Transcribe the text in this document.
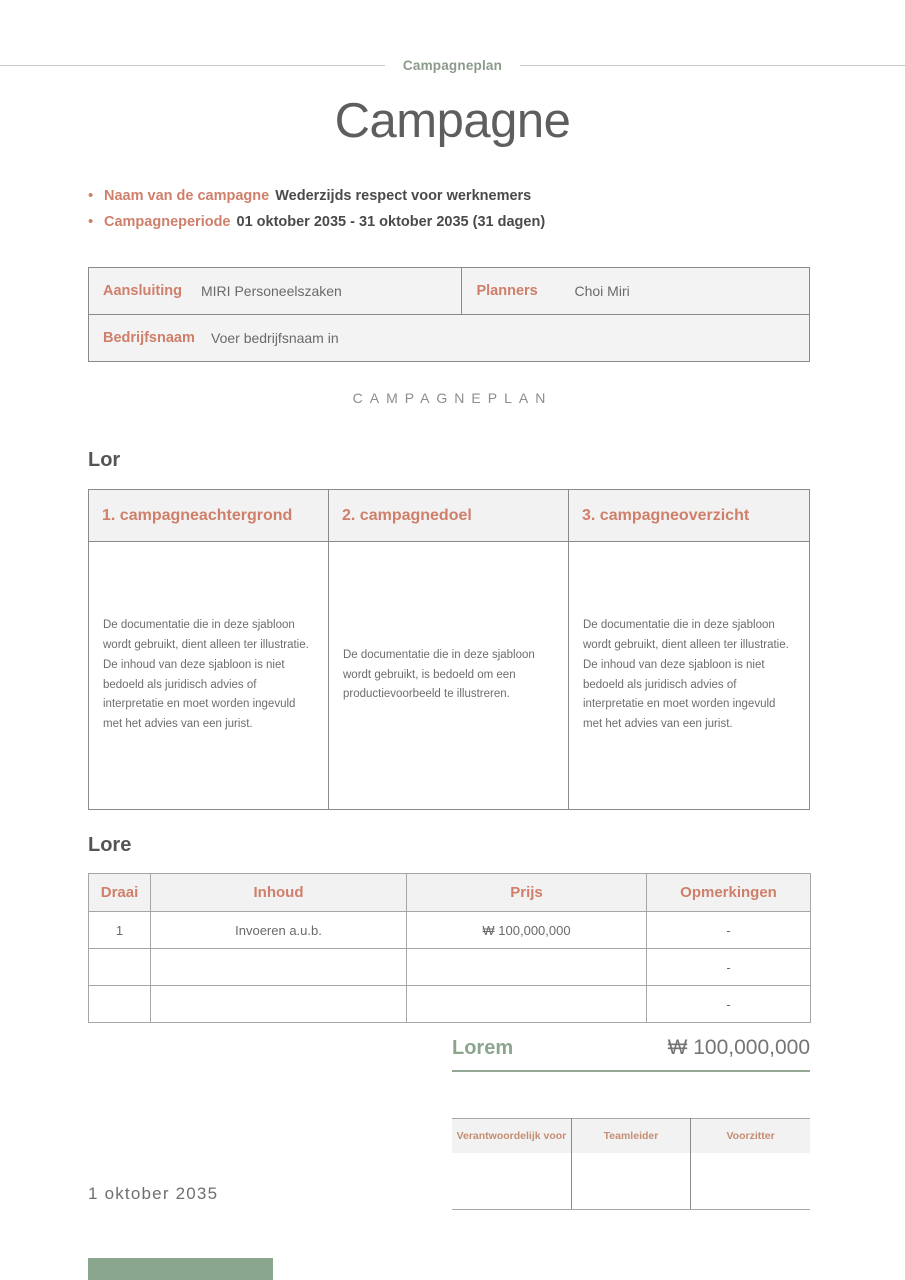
Campagneplan
Campagne
• Naam van de campagne Wederzijds respect voor werknemers
• Campagneperiode 01 oktober 2035 - 31 oktober 2035 (31 dagen)
Aansluiting	MIRI Personeelszaken	Planners	Choi Miri
Bedrijfsnaam	Voer bedrijfsnaam in
CAMPAGNEPLAN
Lor
1. campagneachtergrond
De documentatie die in deze sjabloon wordt gebruikt, dient alleen ter illustratie. De inhoud van deze sjabloon is niet bedoeld als juridisch advies of interpretatie en moet worden ingevuld met het advies van een jurist.
2. campagnedoel
De documentatie die in deze sjabloon wordt gebruikt, is bedoeld om een productievoorbeeld te illustreren.
3. campagneoverzicht
De documentatie die in deze sjabloon wordt gebruikt, dient alleen ter illustratie. De inhoud van deze sjabloon is niet bedoeld als juridisch advies of interpretatie en moet worden ingevuld met het advies van een jurist.
Lore
Draai	Inhoud	Prijs	Opmerkingen
1	Invoeren a.u.b.	₩ 100,000,000	-
			-
			-
Lorem	₩ 100,000,000
Verantwoordelijk voor	Teamleider	Voorzitter

1 oktober 2035
